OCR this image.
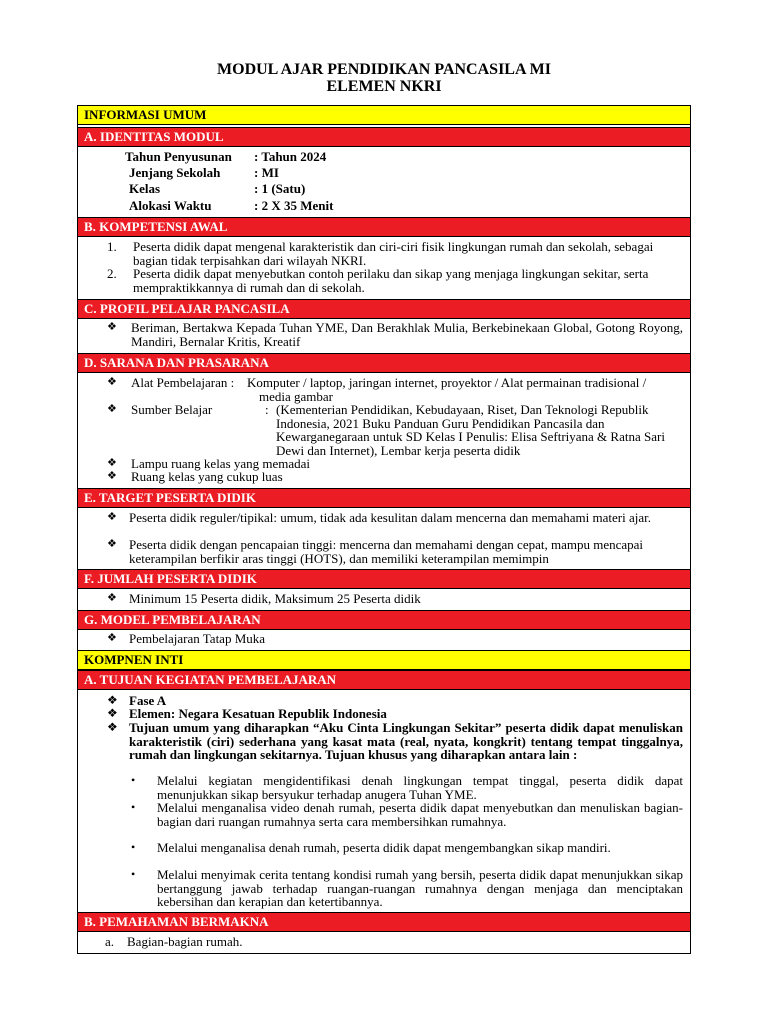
MODUL AJAR PENDIDIKAN PANCASILA MI
ELEMEN NKRI
INFORMASI UMUM
A. IDENTITAS MODUL
Tahun Penyusunan : Tahun 2024
Jenjang Sekolah	: MI
Kelas	: 1 (Satu)
Alokasi Waktu	: 2 X 35 Menit
B. KOMPETENSI AWAL
1. Peserta didik dapat mengenal karakteristik dan ciri-ciri fisik lingkungan rumah dan sekolah, sebagai
bagian tidak terpisahkan dari wilayah NKRI.
2. Peserta didik dapat menyebutkan contoh perilaku dan sikap yang menjaga lingkungan sekitar, serta
mempraktikkannya di rumah dan di sekolah.
C. PROFIL PELAJAR PANCASILA
❖ Beriman, Bertakwa Kepada Tuhan YME, Dan Berakhlak Mulia, Berkebinekaan Global, Gotong Royong, Mandiri, Bernalar Kritis, Kreatif
D. SARANA DAN PRASARANA
❖ Alat Pembelajaran : Komputer / laptop, jaringan internet, proyektor / Alat permainan tradisional /
media gambar
❖ Sumber Belajar	: (Kementerian Pendidikan, Kebudayaan, Riset, Dan Teknologi Republik
Indonesia, 2021 Buku Panduan Guru Pendidikan Pancasila dan
Kewarganegaraan untuk SD Kelas I Penulis: Elisa Seftriyana & Ratna Sari
Dewi dan Internet), Lembar kerja peserta didik
❖ Lampu ruang kelas yang memadai
❖ Ruang kelas yang cukup luas
E. TARGET PESERTA DIDIK
❖ Peserta didik reguler/tipikal: umum, tidak ada kesulitan dalam mencerna dan memahami materi ajar.
❖ Peserta didik dengan pencapaian tinggi: mencerna dan memahami dengan cepat, mampu mencapai
keterampilan berfikir aras tinggi (HOTS), dan memiliki keterampilan memimpin
F. JUMLAH PESERTA DIDIK
❖ Minimum 15 Peserta didik, Maksimum 25 Peserta didik
G. MODEL PEMBELAJARAN
❖ Pembelajaran Tatap Muka
KOMPNEN INTI
A. TUJUAN KEGIATAN PEMBELAJARAN
❖ Fase A
❖ Elemen: Negara Kesatuan Republik Indonesia
❖ Tujuan umum yang diharapkan “Aku Cinta Lingkungan Sekitar” peserta didik dapat menuliskan karakteristik (ciri) sederhana yang kasat mata (real, nyata, kongkrit) tentang tempat tinggalnya, rumah dan lingkungan sekitarnya. Tujuan khusus yang diharapkan antara lain :
• Melalui kegiatan mengidentifikasi denah lingkungan tempat tinggal, peserta didik dapat menunjukkan sikap bersyukur terhadap anugera Tuhan YME.
• Melalui menganalisa video denah rumah, peserta didik dapat menyebutkan dan menuliskan bagian-bagian dari ruangan rumahnya serta cara membersihkan rumahnya.
• Melalui menganalisa denah rumah, peserta didik dapat mengembangkan sikap mandiri.
• Melalui menyimak cerita tentang kondisi rumah yang bersih, peserta didik dapat menunjukkan sikap bertanggung jawab terhadap ruangan-ruangan rumahnya dengan menjaga dan menciptakan kebersihan dan kerapian dan ketertibannya.
B. PEMAHAMAN BERMAKNA
a. Bagian-bagian rumah.
